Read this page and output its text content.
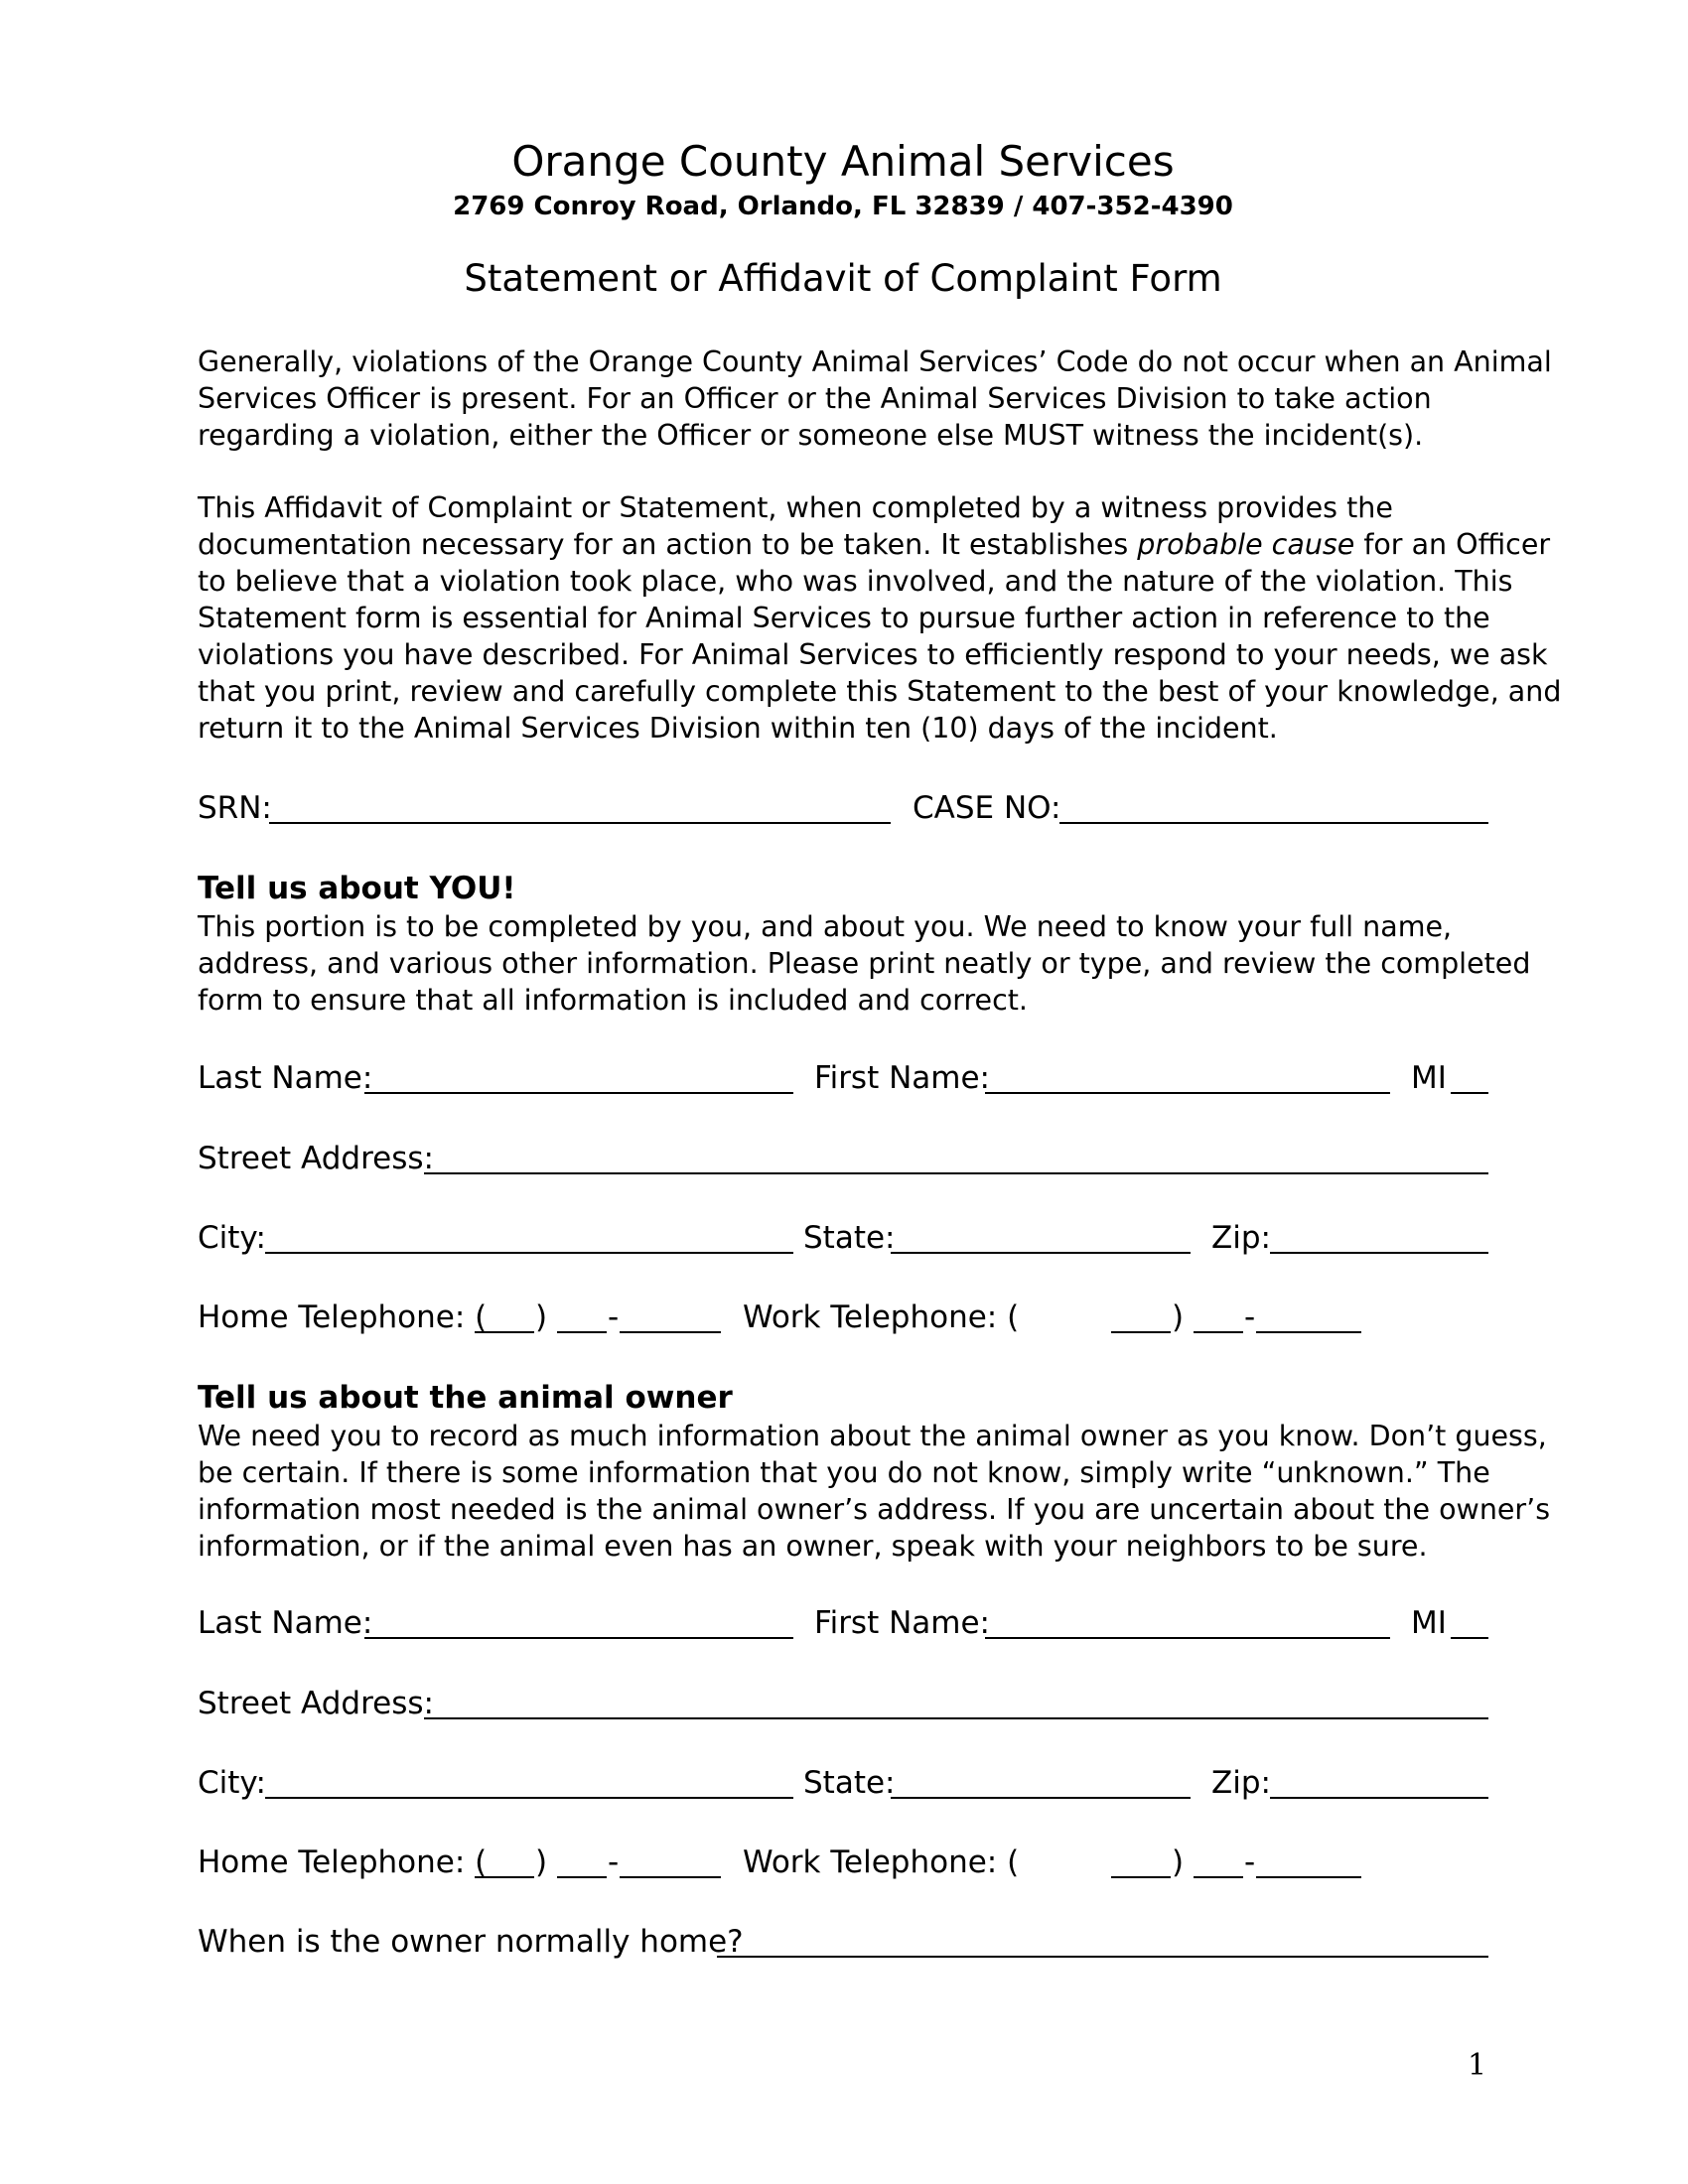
Orange County Animal Services
2769 Conroy Road, Orlando, FL 32839 / 407-352-4390
Statement or Affidavit of Complaint Form

Generally, violations of the Orange County Animal Services’ Code do not occur when an Animal
Services Officer is present. For an Officer or the Animal Services Division to take action
regarding a violation, either the Officer or someone else MUST witness the incident(s).

This Affidavit of Complaint or Statement, when completed by a witness provides the
documentation necessary for an action to be taken. It establishes probable cause for an Officer
to believe that a violation took place, who was involved, and the nature of the violation. This
Statement form is essential for Animal Services to pursue further action in reference to the
violations you have described. For Animal Services to efficiently respond to your needs, we ask
that you print, review and carefully complete this Statement to the best of your knowledge, and
return it to the Animal Services Division within ten (10) days of the incident.

SRN:	CASE NO:
Tell us about YOU!

This portion is to be completed by you, and about you. We need to know your full name,
address, and various other information. Please print neatly or type, and review the completed
form to ensure that all information is included and correct.

Last Name:	First Name:	MI
Street Address:
City:	State:	Zip:
Home Telephone: ( ) -	Work Telephone: (	) -
Tell us about the animal owner

We need you to record as much information about the animal owner as you know. Don’t guess,
be certain. If there is some information that you do not know, simply write “unknown.” The
information most needed is the animal owner’s address. If you are uncertain about the owner’s
information, or if the animal even has an owner, speak with your neighbors to be sure.

Last Name:	First Name:	MI
Street Address:
City:	State:	Zip:
Home Telephone: ( ) -	Work Telephone: (	) -
When is the owner normally home?
1
